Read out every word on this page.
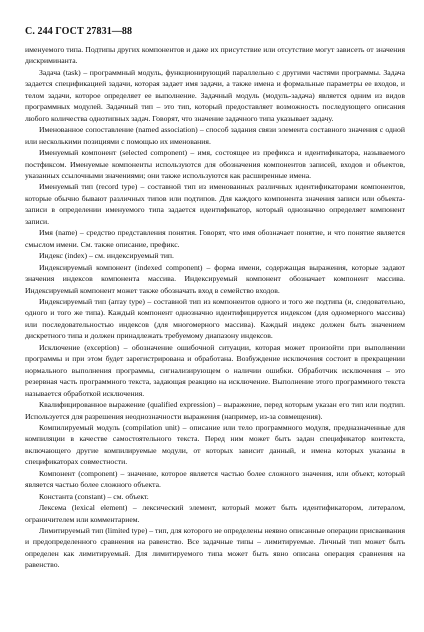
С. 244 ГОСТ 27831—88

именуемого типа. Подтипы других компонентов и даже их присутствие или отсутствие могут зависеть от значения дискриминанта.

Задача (task) – программный модуль, функционирующий параллельно с другими частями программы. Задача задается спецификацией задачи, которая задает имя задачи, а также имена и формальные параметры ее входов, и телом задачи, которое определяет ее выполнение. Задачный модуль (модуль-задача) является одним из видов программных модулей. Задачный тип – это тип, который предоставляет возможность последующего описания любого количества однотипных задач. Говорят, что значение задачного типа указывает задачу.

Именованное сопоставление (named association) – способ задания связи элемента составного значения с одной или несколькими позициями с помощью их именования.

Именуемый компонент (selected component) – имя, состоящее из префикса и идентификатора, называемого постфиксом. Именуемые компоненты используются для обозначения компонентов записей, входов и объектов, указанных ссылочными значениями; они также используются как расширенные имена.

Именуемый тип (record type) – составной тип из именованных различных идентификаторами компонентов, которые обычно бывают различных типов или подтипов. Для каждого компонента значения записи или объекта-записи в определении именуемого типа задается идентификатор, который однозначно определяет компонент записи.

Имя (name) – средство представления понятия. Говорят, что имя обозначает понятие, и что понятие является смыслом имени. См. также описание, префикс.

Индекс (index) – см. индексируемый тип.

Индексируемый компонент (indexed component) – форма имени, содержащая выражения, которые задают значения индексов компонента массива. Индексируемый компонент обозначает компонент массива. Индексируемый компонент может также обозначать вход в семейство входов.

Индексируемый тип (array type) – составной тип из компонентов одного и того же подтипа (и, следовательно, одного и того же типа). Каждый компонент однозначно идентифицируется индексом (для одномерного массива) или последовательностью индексов (для многомерного массива). Каждый индекс должен быть значением дискретного типа и должен принадлежать требуемому диапазону индексов.

Исключение (exception) – обозначение ошибочной ситуации, которая может произойти при выполнении программы и при этом будет зарегистрирована и обработана. Возбуждение исключения состоит в прекращении нормального выполнения программы, сигнализирующем о наличии ошибки. Обработчик исключения – это резервная часть программного текста, задающая реакцию на исключение. Выполнение этого программного текста называется обработкой исключения.

Квалифицированное выражение (qualified expression) – выражение, перед которым указан его тип или подтип. Используется для разрешения неоднозначности выражения (например, из-за совмещения).

Компилируемый модуль (compilation unit) – описание или тело программного модуля, предназначенные для компиляции в качестве самостоятельного текста. Перед ним может быть задан спецификатор контекста, включающего другие компилируемые модули, от которых зависит данный, и имена которых указаны в спецификаторах совместности.

Компонент (component) – значение, которое является частью более сложного значения, или объект, который является частью более сложного объекта.

Константа (constant) – см. объект.

Лексема (lexical element) – лексический элемент, который может быть идентификатором, литералом, ограничителем или комментарием.

Лимитируемый тип (limited type) – тип, для которого не определены неявно описанные операции присваивания и предопределенного сравнения на равенство. Все задачные типы – лимитируемые. Личный тип может быть определен как лимитируемый. Для лимитируемого типа может быть явно описана операция сравнения на равенство.
